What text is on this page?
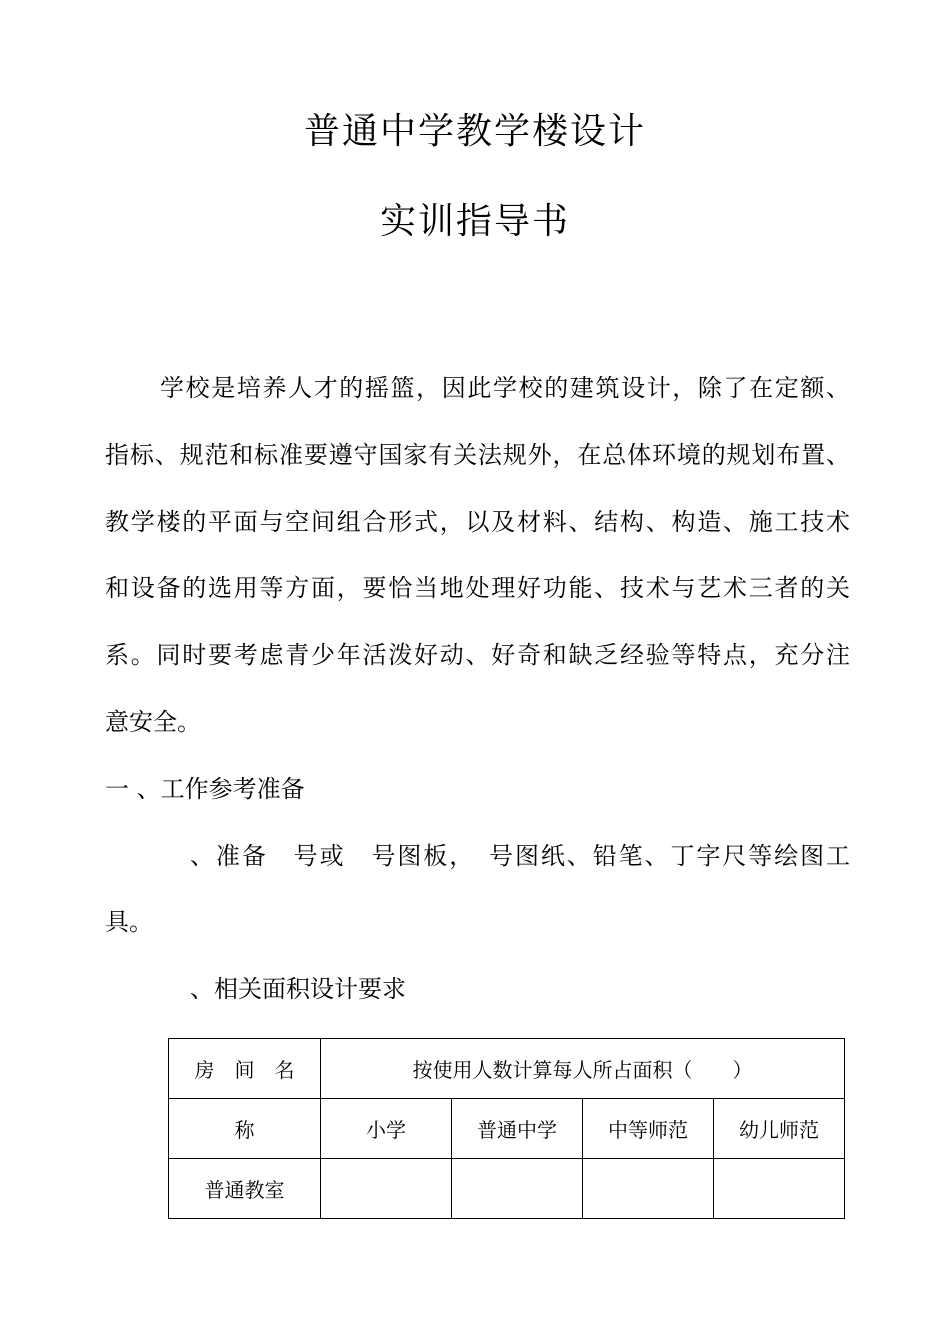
普通中学教学楼设计
实训指导书
学校是培养人才的摇篮，因此学校的建筑设计，除了在定额、
指标、规范和标准要遵守国家有关法规外，在总体环境的规划布置、
教学楼的平面与空间组合形式，以及材料、结构、构造、施工技术
和设备的选用等方面，要恰当地处理好功能、技术与艺术三者的关
系。同时要考虑青少年活泼好动、好奇和缺乏经验等特点，充分注
意安全。
一 、工作参考准备
、准备　号或　号图板，　号图纸、铅笔、丁字尺等绘图工
具。
、相关面积设计要求
房　间　名	按使用人数计算每人所占面积（　　）			
称	小学	普通中学	中等师范	幼儿师范
普通教室				
